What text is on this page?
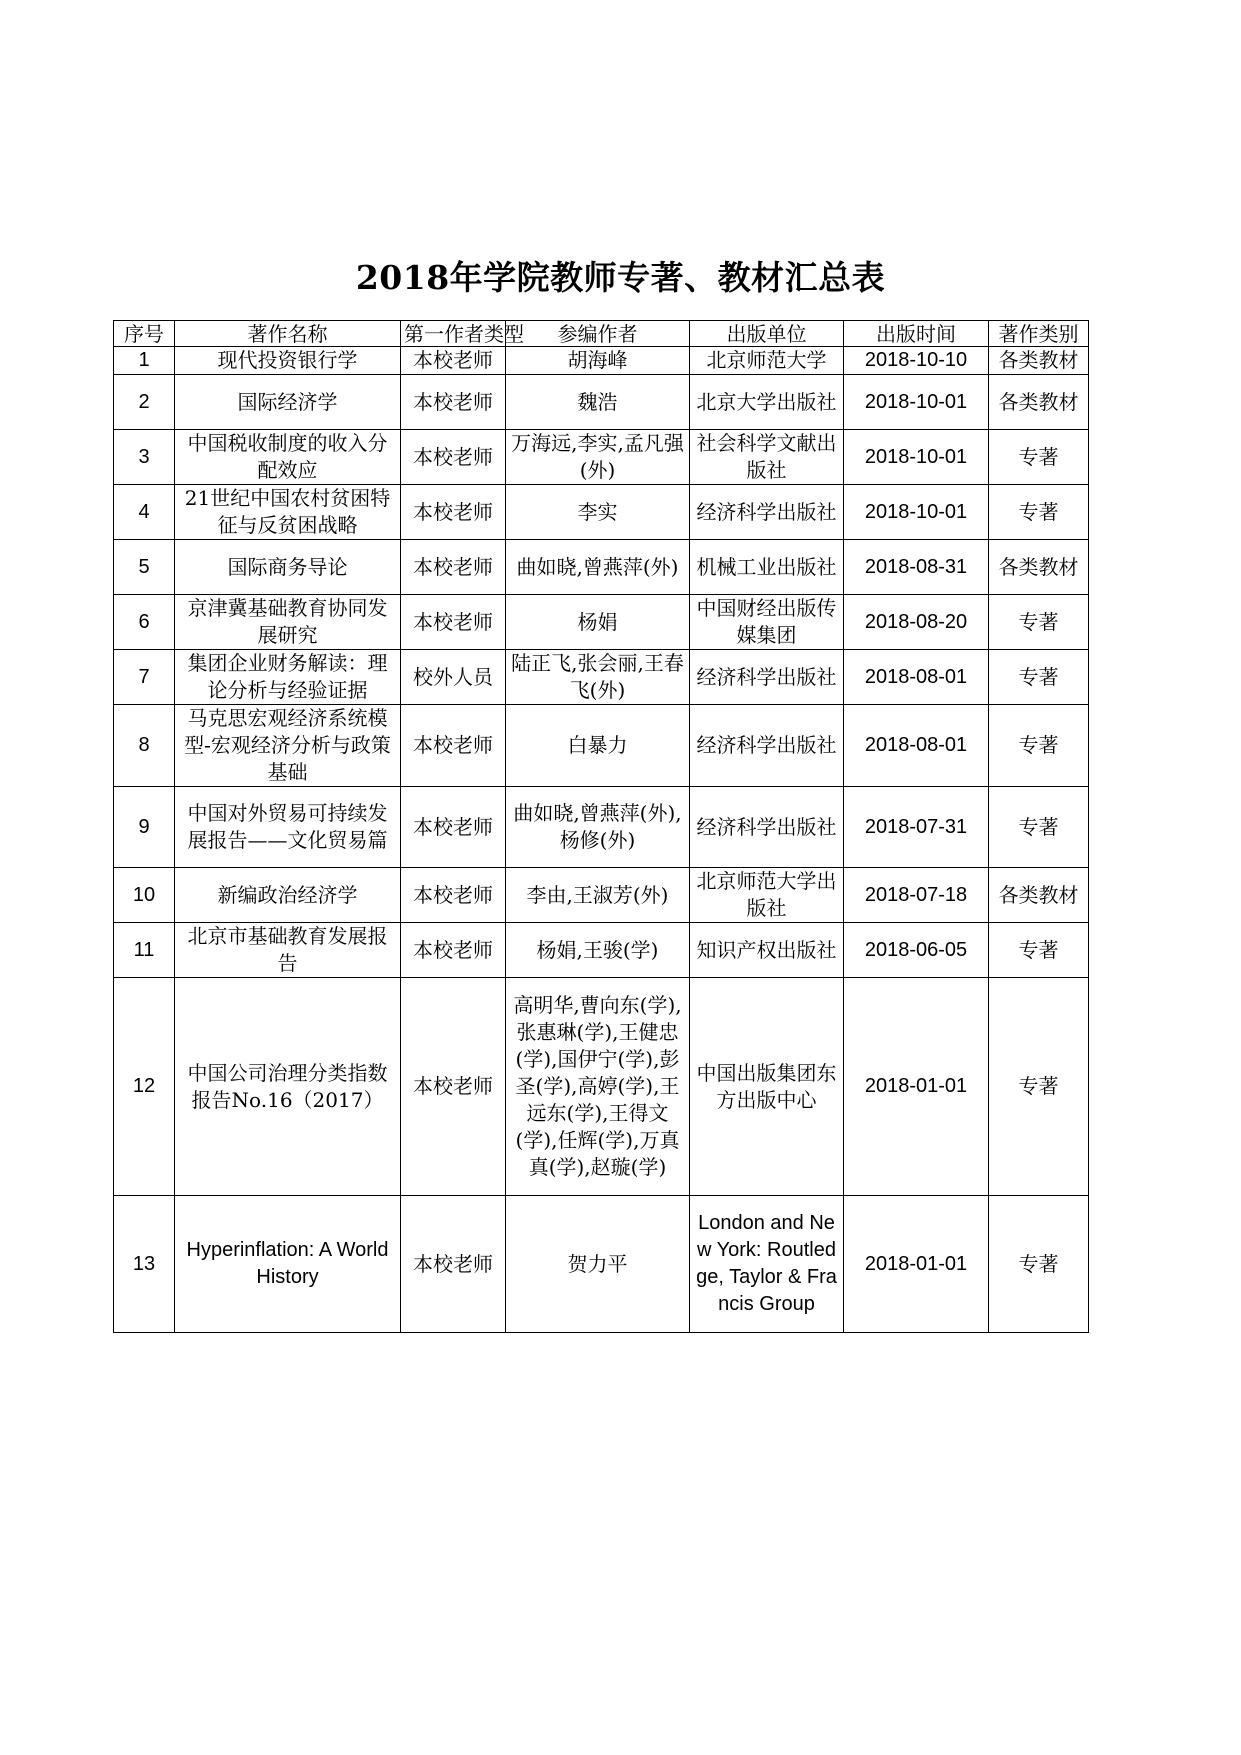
2018年学院教师专著、教材汇总表
序号	著作名称	第一作者类型	参编作者	出版单位	出版时间	著作类别
1	现代投资银行学	本校老师	胡海峰	北京师范大学	2018-10-10	各类教材
2	国际经济学	本校老师	魏浩	北京大学出版社	2018-10-01	各类教材
3	中国税收制度的收入分配效应	本校老师	万海远,李实,孟凡强(外)	社会科学文献出版社	2018-10-01	专著
4	21世纪中国农村贫困特征与反贫困战略	本校老师	李实	经济科学出版社	2018-10-01	专著
5	国际商务导论	本校老师	曲如晓,曾燕萍(外)	机械工业出版社	2018-08-31	各类教材
6	京津冀基础教育协同发展研究	本校老师	杨娟	中国财经出版传媒集团	2018-08-20	专著
7	集团企业财务解读：理论分析与经验证据	校外人员	陆正飞,张会丽,王春飞(外)	经济科学出版社	2018-08-01	专著
8	马克思宏观经济系统模型-宏观经济分析与政策基础	本校老师	白暴力	经济科学出版社	2018-08-01	专著
9	中国对外贸易可持续发展报告——文化贸易篇	本校老师	曲如晓,曾燕萍(外),杨修(外)	经济科学出版社	2018-07-31	专著
10	新编政治经济学	本校老师	李由,王淑芳(外)	北京师范大学出版社	2018-07-18	各类教材
11	北京市基础教育发展报告	本校老师	杨娟,王骏(学)	知识产权出版社	2018-06-05	专著
12	中国公司治理分类指数报告No.16（2017）	本校老师	高明华,曹向东(学),张惠琳(学),王健忠(学),国伊宁(学),彭圣(学),高婷(学),王远东(学),王得文(学),任辉(学),万真真(学),赵璇(学)	中国出版集团东方出版中心	2018-01-01	专著
13	Hyperinflation: A World History	本校老师	贺力平	London and New York: Routledge, Taylor & Francis Group	2018-01-01	专著
